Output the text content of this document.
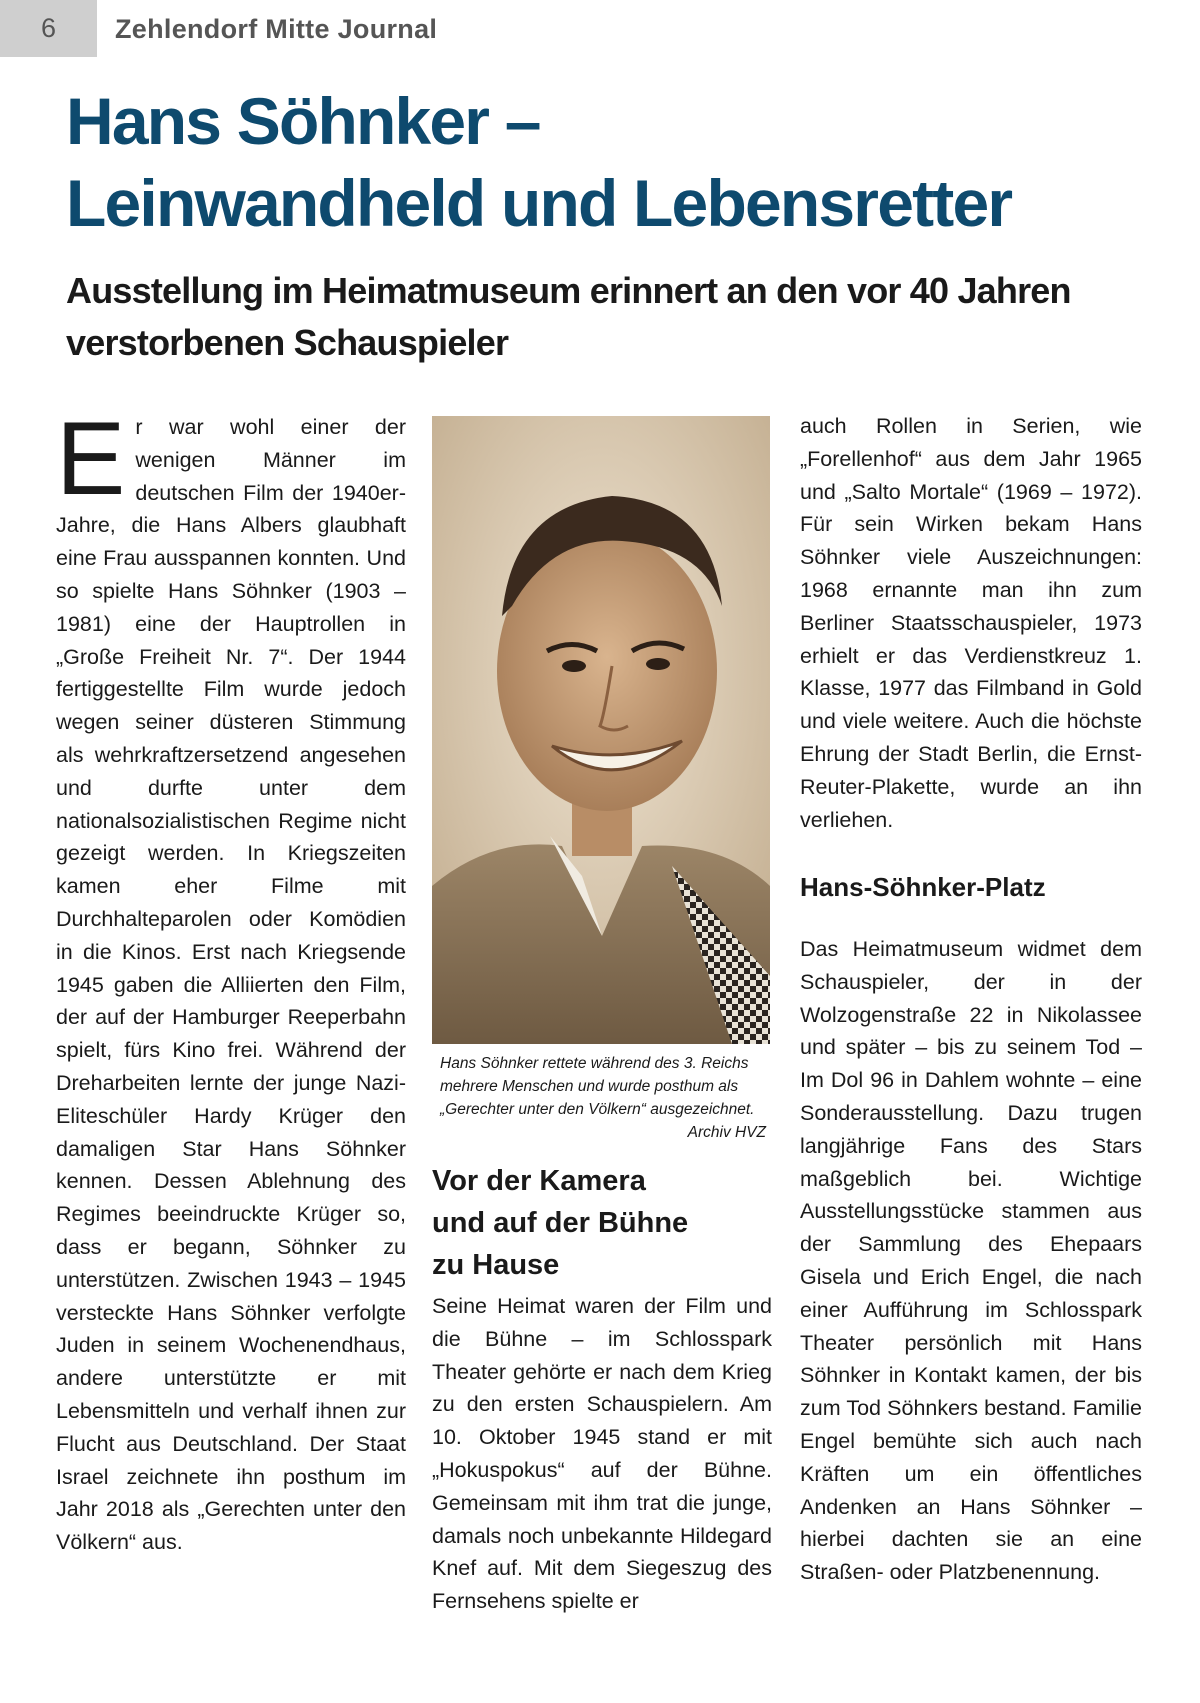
6	Zehlendorf Mitte Journal
Hans Söhnker –
Leinwandheld und Lebensretter
Ausstellung im Heimatmuseum erinnert an den vor 40 Jahren
verstorbenen Schauspieler
E r war wohl einer der wenigen Männer im deutschen Film der 1940er-Jahre, die Hans Albers glaubhaft eine Frau ausspannen konnten. Und so spielte Hans Söhnker (1903 – 1981) eine der Hauptrollen in „Große Freiheit Nr. 7“. Der 1944 fertiggestellte Film wurde jedoch wegen seiner düsteren Stimmung als wehrkraftzersetzend angesehen und durfte unter dem nationalsozialistischen Regime nicht gezeigt werden. In Kriegszeiten kamen eher Filme mit Durchhalteparolen oder Komödien in die Kinos. Erst nach Kriegsende 1945 gaben die Alliierten den Film, der auf der Hamburger Reeperbahn spielt, fürs Kino frei. Während der Dreharbeiten lernte der junge Nazi-Eliteschüler Hardy Krüger den damaligen Star Hans Söhnker kennen. Dessen Ablehnung des Regimes beeindruckte Krüger so, dass er begann, Söhnker zu unterstützen. Zwischen 1943 – 1945 versteckte Hans Söhnker verfolgte Juden in seinem Wochenendhaus, andere unterstützte er mit Lebensmitteln und verhalf ihnen zur Flucht aus Deutschland. Der Staat Israel zeichnete ihn posthum im Jahr 2018 als „Gerechten unter den Völkern“ aus.

Hans Söhnker rettete während des 3. Reichs mehrere Menschen und wurde posthum als „Gerechter unter den Völkern“ ausgezeichnet.
Archiv HVZ
Vor der Kamera
und auf der Bühne
zu Hause

Seine Heimat waren der Film und die Bühne – im Schlosspark Theater gehörte er nach dem Krieg zu den ersten Schauspielern. Am 10. Oktober 1945 stand er mit „Hokuspokus“ auf der Bühne. Gemeinsam mit ihm trat die junge, damals noch unbekannte Hildegard Knef auf. Mit dem Siegeszug des Fernsehens spielte er

auch Rollen in Serien, wie „Forellenhof“ aus dem Jahr 1965 und „Salto Mortale“ (1969 – 1972). Für sein Wirken bekam Hans Söhnker viele Auszeichnungen: 1968 ernannte man ihn zum Berliner Staatsschauspieler, 1973 erhielt er das Verdienstkreuz 1. Klasse, 1977 das Filmband in Gold und viele weitere. Auch die höchste Ehrung der Stadt Berlin, die Ernst-Reuter-Plakette, wurde an ihn verliehen.

Hans-Söhnker-Platz

Das Heimatmuseum widmet dem Schauspieler, der in der Wolzogenstraße 22 in Nikolassee und später – bis zu seinem Tod – Im Dol 96 in Dahlem wohnte – eine Sonderausstellung. Dazu trugen langjährige Fans des Stars maßgeblich bei. Wichtige Ausstellungsstücke stammen aus der Sammlung des Ehepaars Gisela und Erich Engel, die nach einer Aufführung im Schlosspark Theater persönlich mit Hans Söhnker in Kontakt kamen, der bis zum Tod Söhnkers bestand. Familie Engel bemühte sich auch nach Kräften um ein öffentliches Andenken an Hans Söhnker – hierbei dachten sie an eine Straßen- oder Platzbenennung.
